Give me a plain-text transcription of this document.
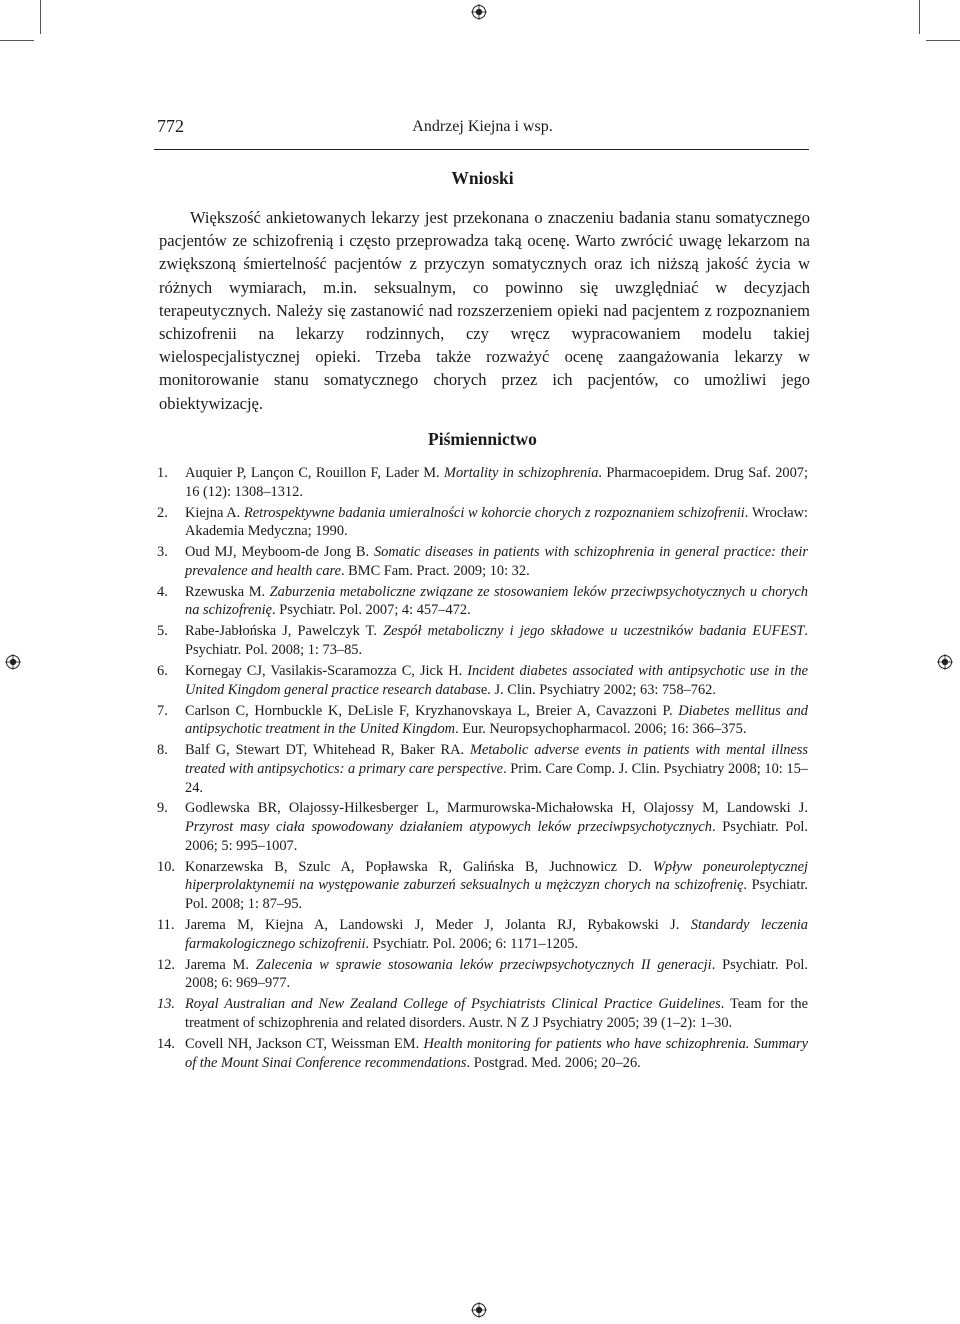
772	Andrzej Kiejna i wsp.
Wnioski

Większość ankietowanych lekarzy jest przekonana o znaczeniu badania stanu somatycznego pacjentów ze schizofrenią i często przeprowadza taką ocenę. Warto zwrócić uwagę lekarzom na zwiększoną śmiertelność pacjentów z przyczyn somatycznych oraz ich niższą jakość życia w różnych wymiarach, m.in. seksualnym, co powinno się uwzględniać w decyzjach terapeutycznych. Należy się zastanowić nad rozszerzeniem opieki nad pacjentem z rozpoznaniem schizofrenii na lekarzy rodzinnych, czy wręcz wypracowaniem modelu takiej wielospecjalistycznej opieki. Trzeba także rozważyć ocenę zaangażowania lekarzy w monitorowanie stanu somatycznego chorych przez ich pacjentów, co umożliwi jego obiektywizację.

Piśmiennictwo
1. Auquier P, Lançon C, Rouillon F, Lader M. Mortality in schizophrenia. Pharmacoepidem. Drug Saf. 2007; 16 (12): 1308–1312.
2. Kiejna A. Retrospektywne badania umieralności w kohorcie chorych z rozpoznaniem schizofrenii. Wrocław: Akademia Medyczna; 1990.
3. Oud MJ, Meyboom-de Jong B. Somatic diseases in patients with schizophrenia in general practice: their prevalence and health care. BMC Fam. Pract. 2009; 10: 32.
4. Rzewuska M. Zaburzenia metaboliczne związane ze stosowaniem leków przeciwpsychotycznych u chorych na schizofrenię. Psychiatr. Pol. 2007; 4: 457–472.
5. Rabe-Jabłońska J, Pawelczyk T. Zespół metaboliczny i jego składowe u uczestników badania EUFEST. Psychiatr. Pol. 2008; 1: 73–85.
6. Kornegay CJ, Vasilakis-Scaramozza C, Jick H. Incident diabetes associated with antipsychotic use in the United Kingdom general practice research database. J. Clin. Psychiatry 2002; 63: 758–762.
7. Carlson C, Hornbuckle K, DeLisle F, Kryzhanovskaya L, Breier A, Cavazzoni P. Diabetes mellitus and antipsychotic treatment in the United Kingdom. Eur. Neuropsychopharmacol. 2006; 16: 366–375.
8. Balf G, Stewart DT, Whitehead R, Baker RA. Metabolic adverse events in patients with mental illness treated with antipsychotics: a primary care perspective. Prim. Care Comp. J. Clin. Psychiatry 2008; 10: 15–24.
9. Godlewska BR, Olajossy-Hilkesberger L, Marmurowska-Michałowska H, Olajossy M, Landowski J. Przyrost masy ciała spowodowany działaniem atypowych leków przeciwpsychotycznych. Psychiatr. Pol. 2006; 5: 995–1007.
10. Konarzewska B, Szulc A, Popławska R, Galińska B, Juchnowicz D. Wpływ poneuroleptycznej hiperprolaktynemii na występowanie zaburzeń seksualnych u mężczyzn chorych na schizofrenię. Psychiatr. Pol. 2008; 1: 87–95.
11. Jarema M, Kiejna A, Landowski J, Meder J, Jolanta RJ, Rybakowski J. Standardy leczenia farmakologicznego schizofrenii. Psychiatr. Pol. 2006; 6: 1171–1205.
12. Jarema M. Zalecenia w sprawie stosowania leków przeciwpsychotycznych II generacji. Psychiatr. Pol. 2008; 6: 969–977.
13. Royal Australian and New Zealand College of Psychiatrists Clinical Practice Guidelines. Team for the treatment of schizophrenia and related disorders. Austr. N Z J Psychiatry 2005; 39 (1–2): 1–30.
14. Covell NH, Jackson CT, Weissman EM. Health monitoring for patients who have schizophrenia. Summary of the Mount Sinai Conference recommendations. Postgrad. Med. 2006; 20–26.
